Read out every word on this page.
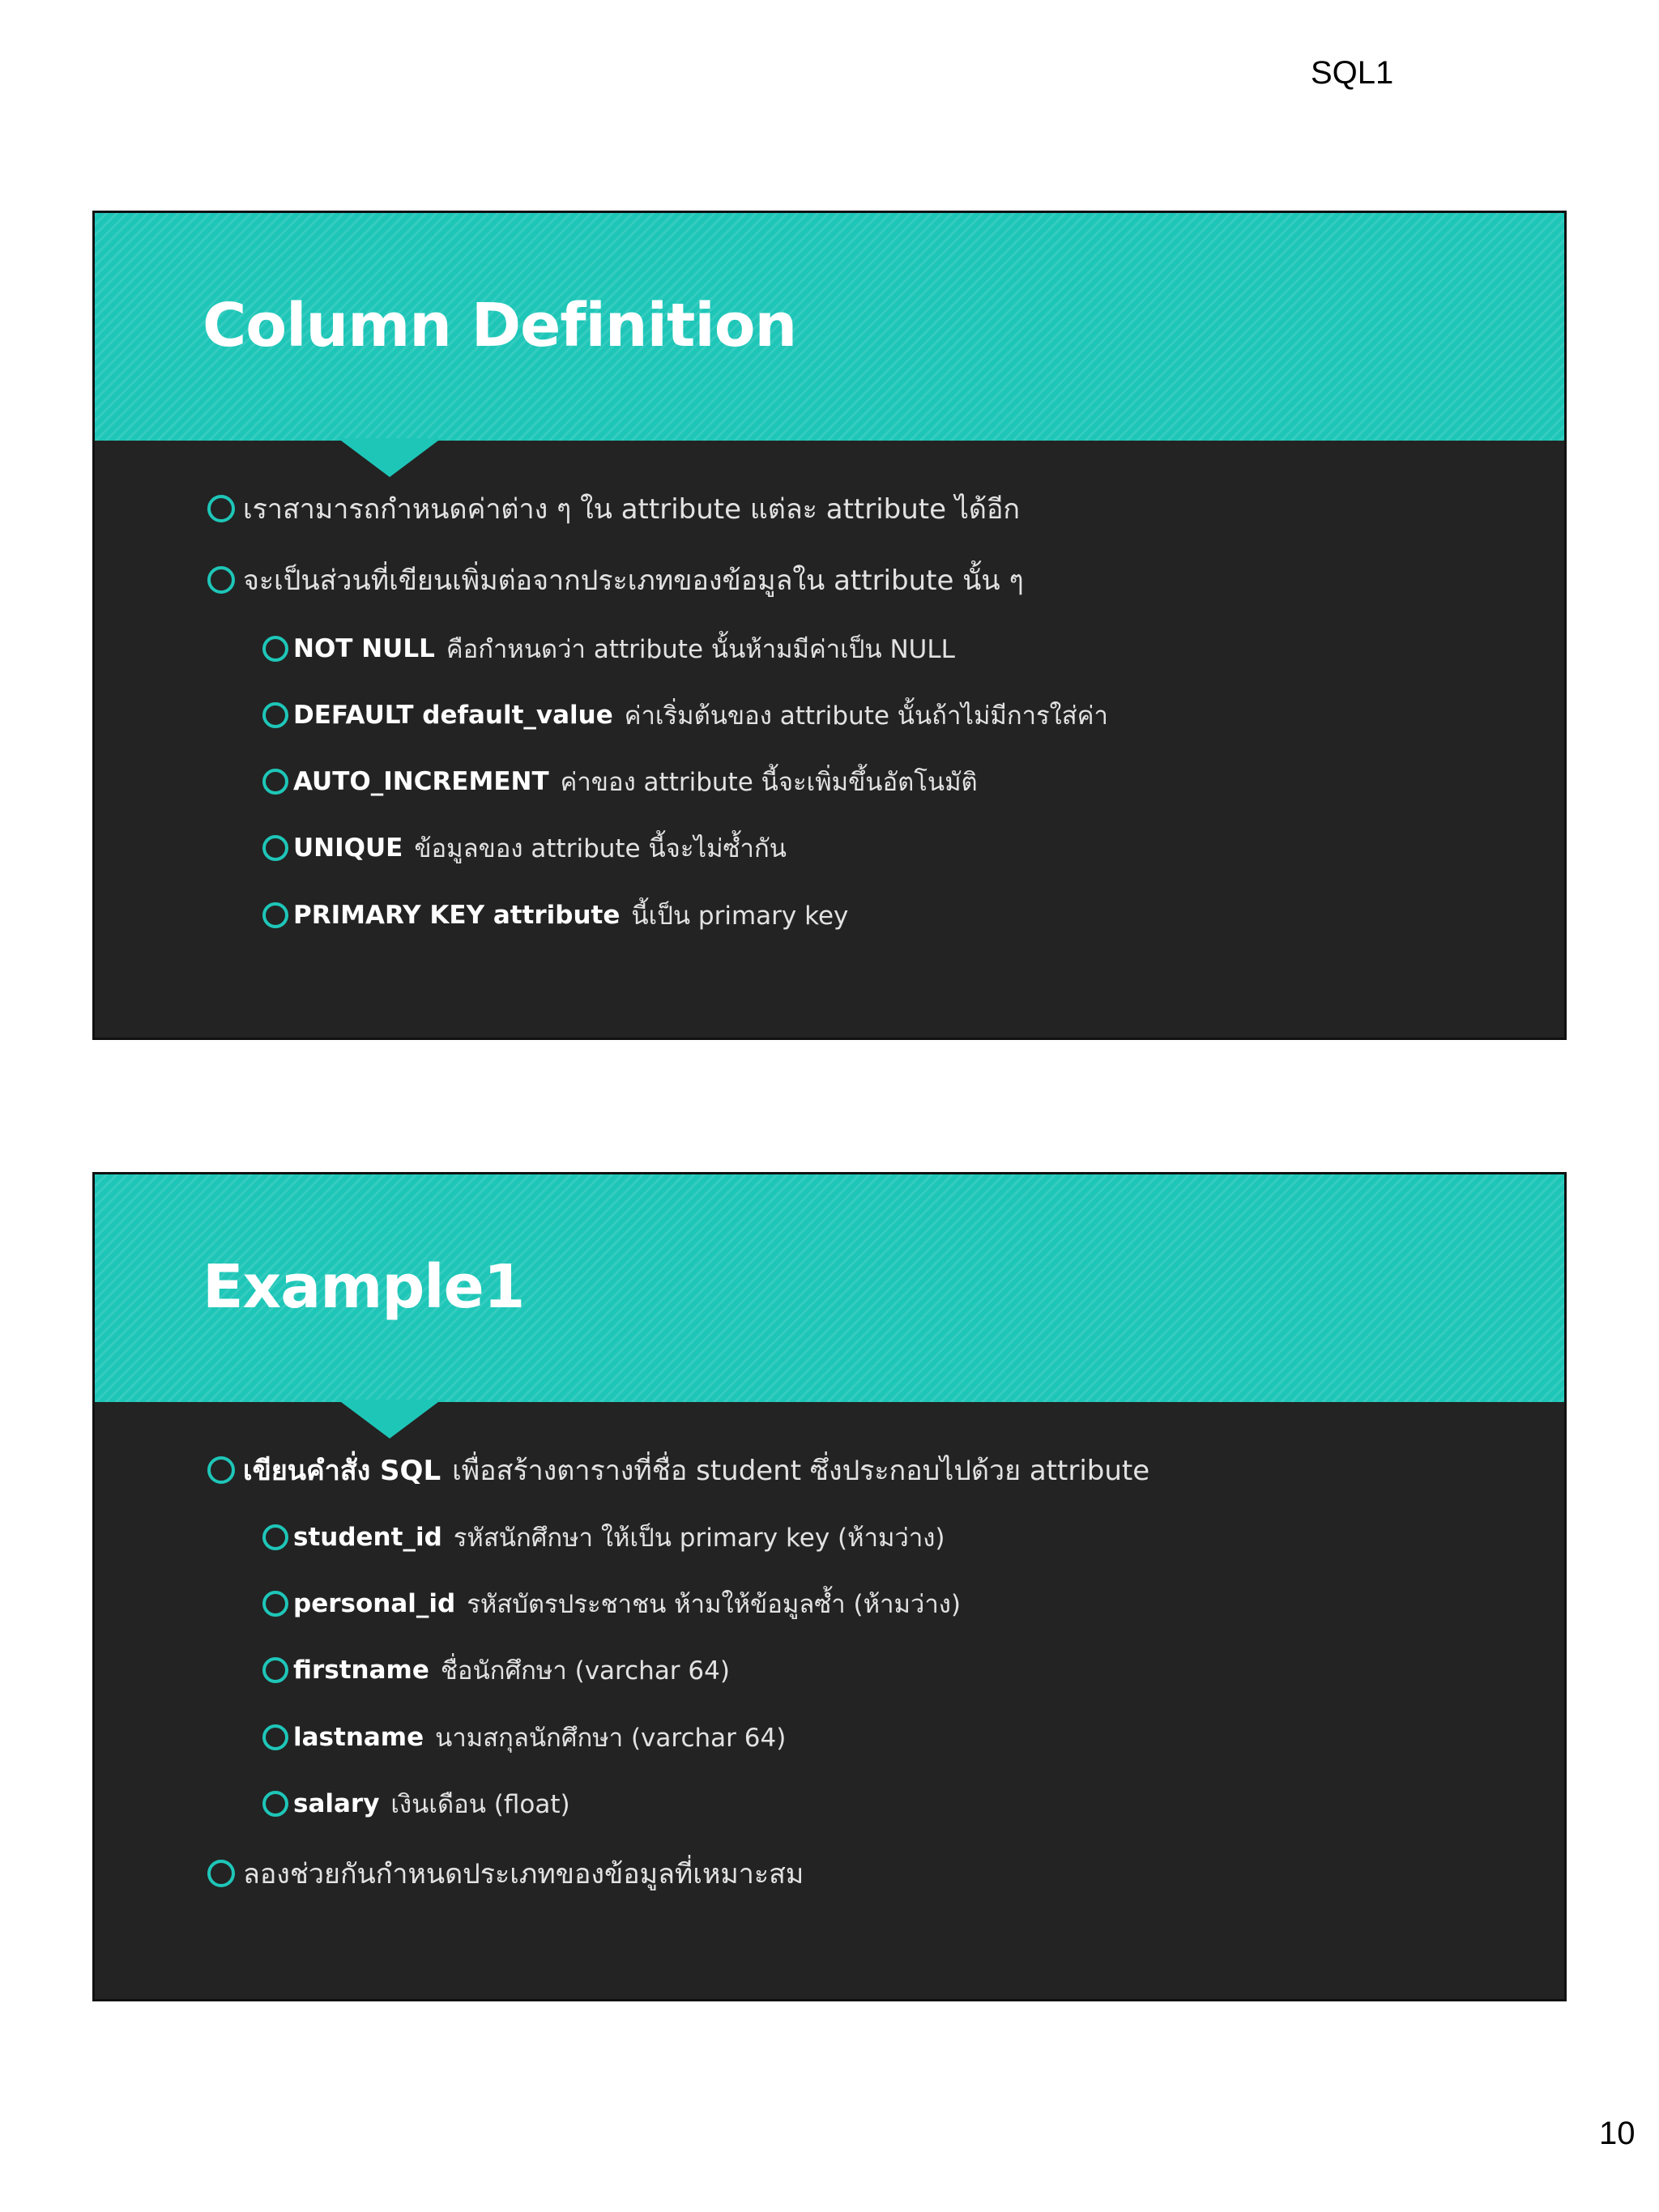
SQL1
Column Definition
เราสามารถกำหนดค่าต่าง ๆ ใน attribute แต่ละ attribute ได้อีก
จะเป็นส่วนที่เขียนเพิ่มต่อจากประเภทของข้อมูลใน attribute นั้น ๆ
NOT NULL คือกำหนดว่า attribute นั้นห้ามมีค่าเป็น NULL
DEFAULT default_value ค่าเริ่มต้นของ attribute นั้นถ้าไม่มีการใส่ค่า
AUTO_INCREMENT ค่าของ attribute นี้จะเพิ่มขึ้นอัตโนมัติ
UNIQUE ข้อมูลของ attribute นี้จะไม่ซ้ำกัน
PRIMARY KEY attribute นี้เป็น primary key
Example1
เขียนคำสั่ง SQL เพื่อสร้างตารางที่ชื่อ student ซึ่งประกอบไปด้วย attribute
student_id รหัสนักศึกษา ให้เป็น primary key (ห้ามว่าง)
personal_id รหัสบัตรประชาชน ห้ามให้ข้อมูลซ้ำ (ห้ามว่าง)
firstname ชื่อนักศึกษา (varchar 64)
lastname นามสกุลนักศึกษา (varchar 64)
salary เงินเดือน (float)
ลองช่วยกันกำหนดประเภทของข้อมูลที่เหมาะสม
10
